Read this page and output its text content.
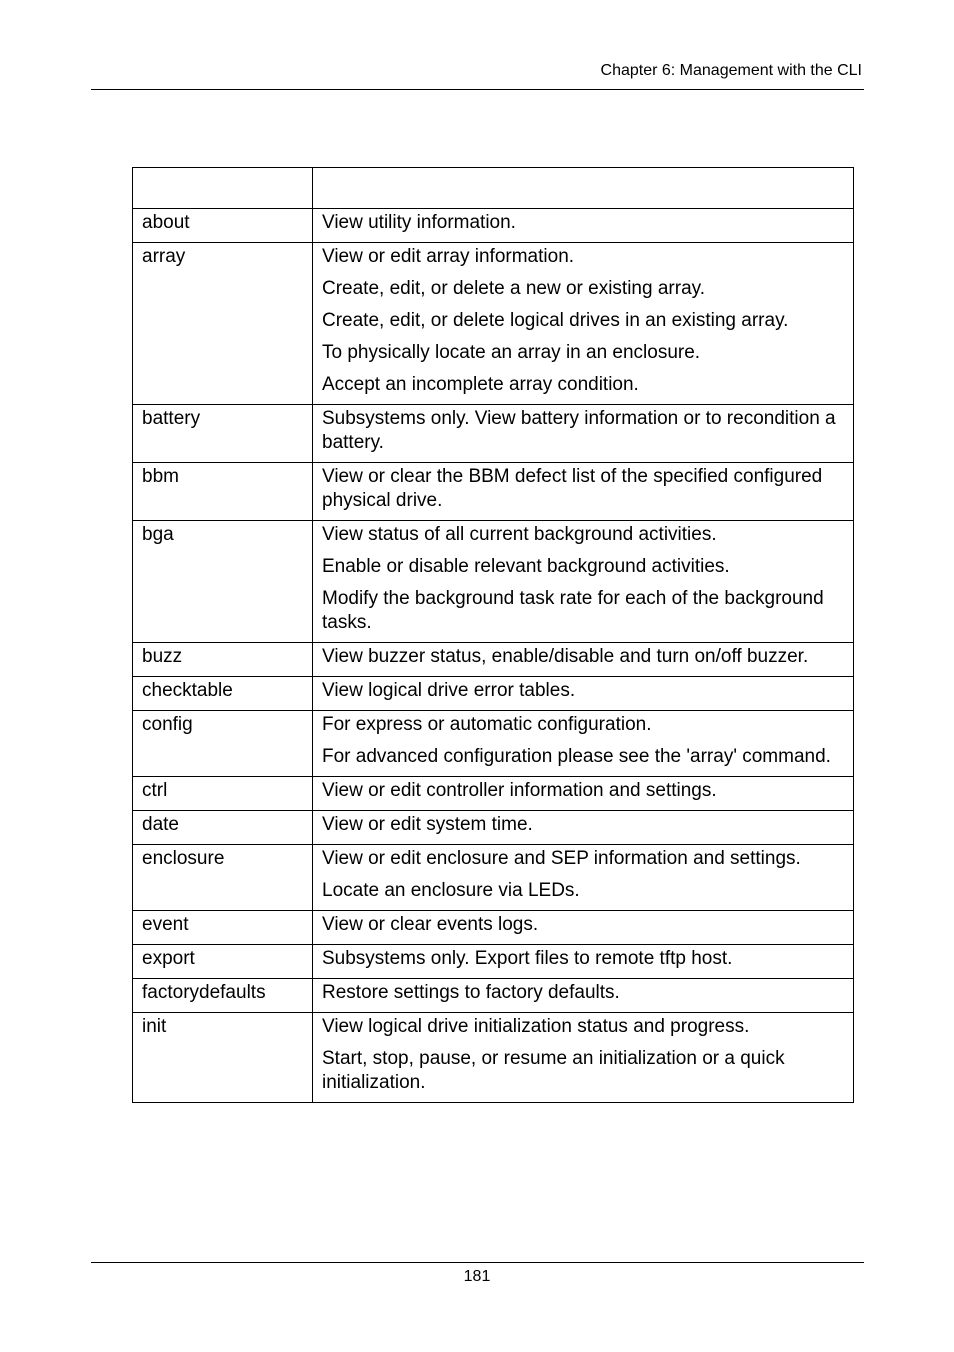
Chapter 6: Management with the CLI

about	View utility information.

array	View or edit array information.
Create, edit, or delete a new or existing array.
Create, edit, or delete logical drives in an existing array.
To physically locate an array in an enclosure.
Accept an incomplete array condition.

battery	Subsystems only. View battery information or to recondition a battery.

bbm	View or clear the BBM defect list of the specified configured physical drive.

bga	View status of all current background activities.
Enable or disable relevant background activities.
Modify the background task rate for each of the background tasks.

buzz	View buzzer status, enable/disable and turn on/off buzzer.

checktable	View logical drive error tables.

config	For express or automatic configuration.
For advanced configuration please see the 'array' command.

ctrl	View or edit controller information and settings.

date	View or edit system time.

enclosure	View or edit enclosure and SEP information and settings.
Locate an enclosure via LEDs.

event	View or clear events logs.

export	Subsystems only. Export files to remote tftp host.

factorydefaults	Restore settings to factory defaults.

init	View logical drive initialization status and progress.
Start, stop, pause, or resume an initialization or a quick initialization.
181
